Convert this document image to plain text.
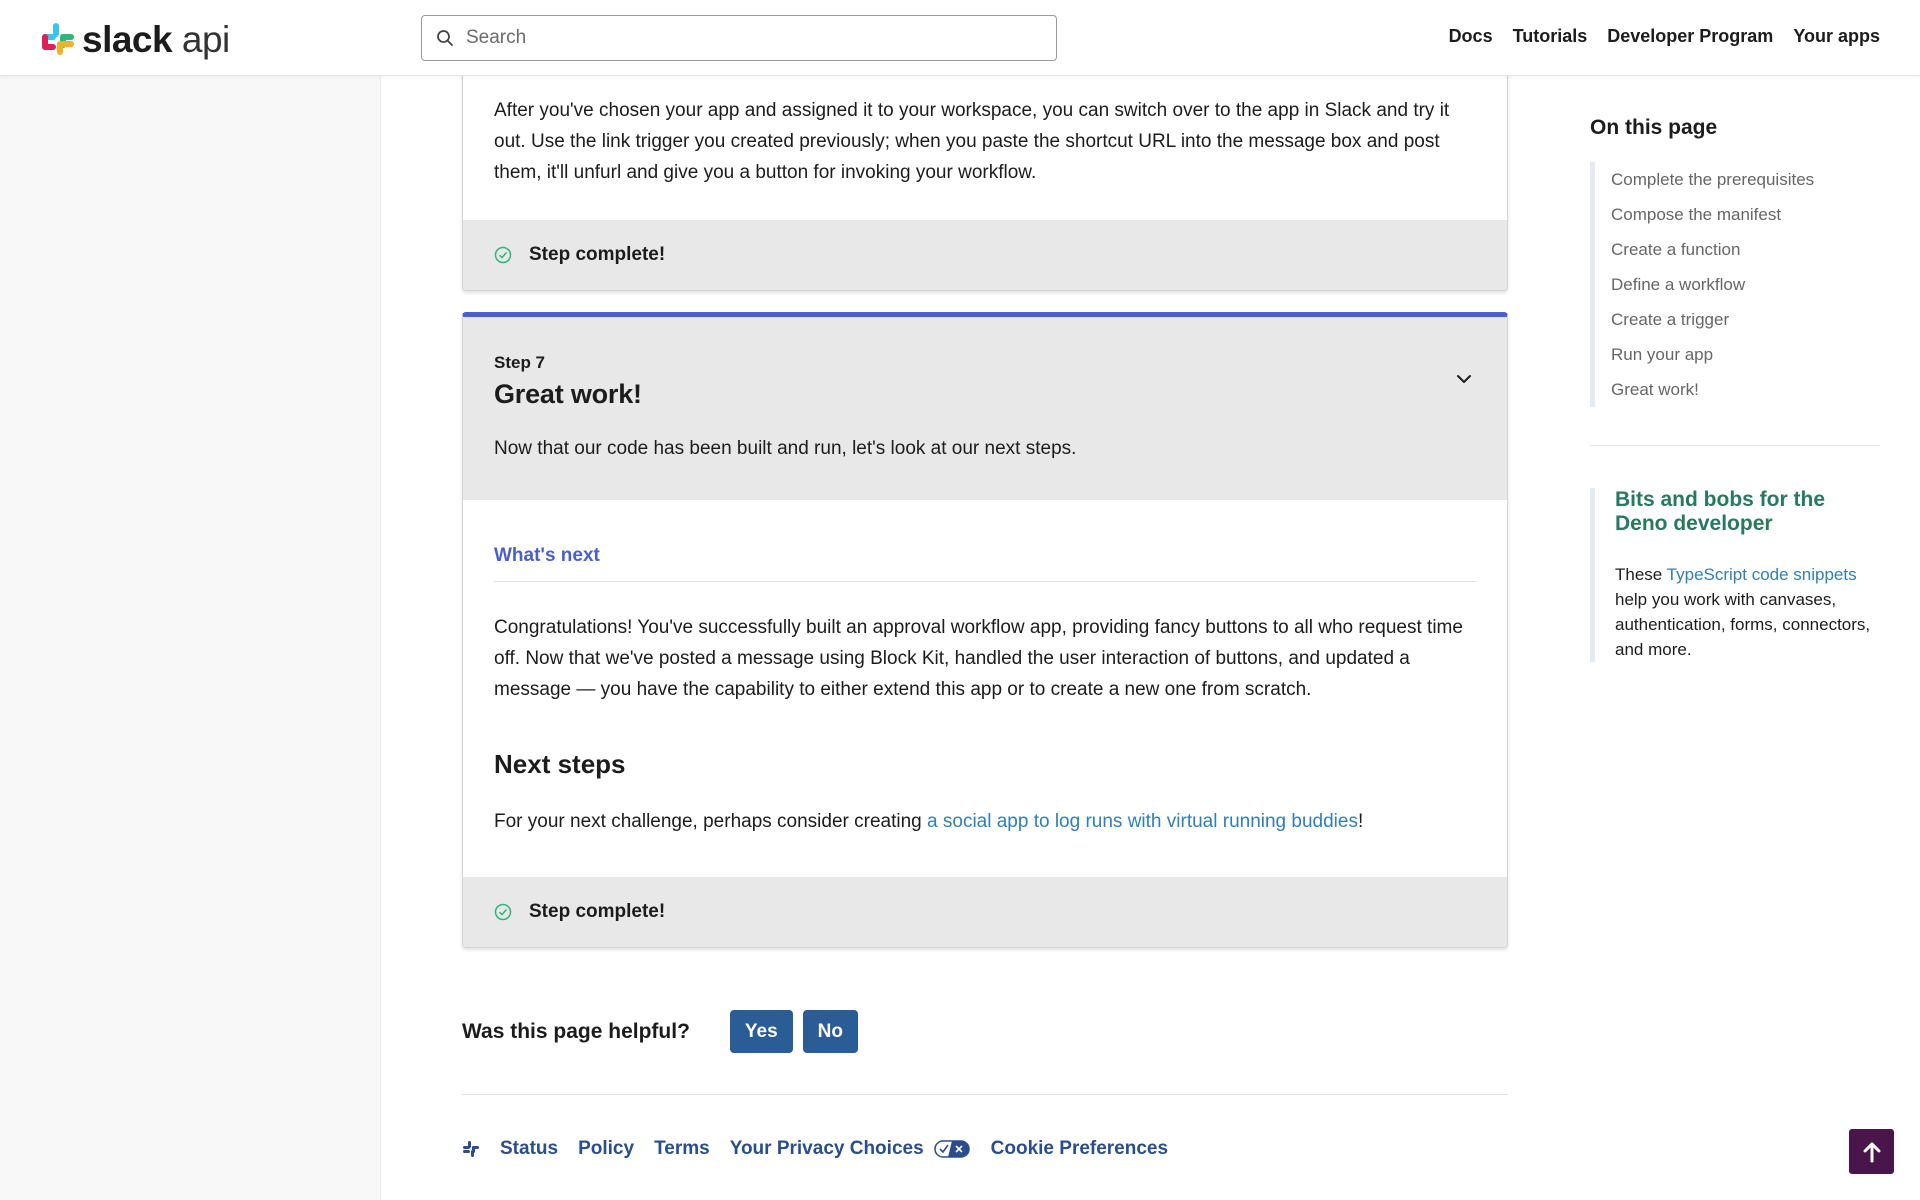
slack api
Search	Docs Tutorials Developer Program Your apps
After you've chosen your app and assigned it to your workspace, you can switch over to the app in Slack and try it out. Use the link trigger you created previously; when you paste the shortcut URL into the message box and post them, it'll unfurl and give you a button for invoking your workflow.
Step complete!
Step 7
Great work!
Now that our code has been built and run, let's look at our next steps.
What's next
Congratulations! You've successfully built an approval workflow app, providing fancy buttons to all who request time off. Now that we've posted a message using Block Kit, handled the user interaction of buttons, and updated a message — you have the capability to either extend this app or to create a new one from scratch.
Next steps
For your next challenge, perhaps consider creating a social app to log runs with virtual running buddies!
Step complete!
Was this page helpful?	Yes	No
Status Policy Terms Your Privacy Choices	Cookie Preferences
On this page
Complete the prerequisites
Compose the manifest
Create a function
Define a workflow
Create a trigger
Run your app
Great work!
Bits and bobs for the Deno developer
These TypeScript code snippets help you work with canvases, authentication, forms, connectors, and more.
